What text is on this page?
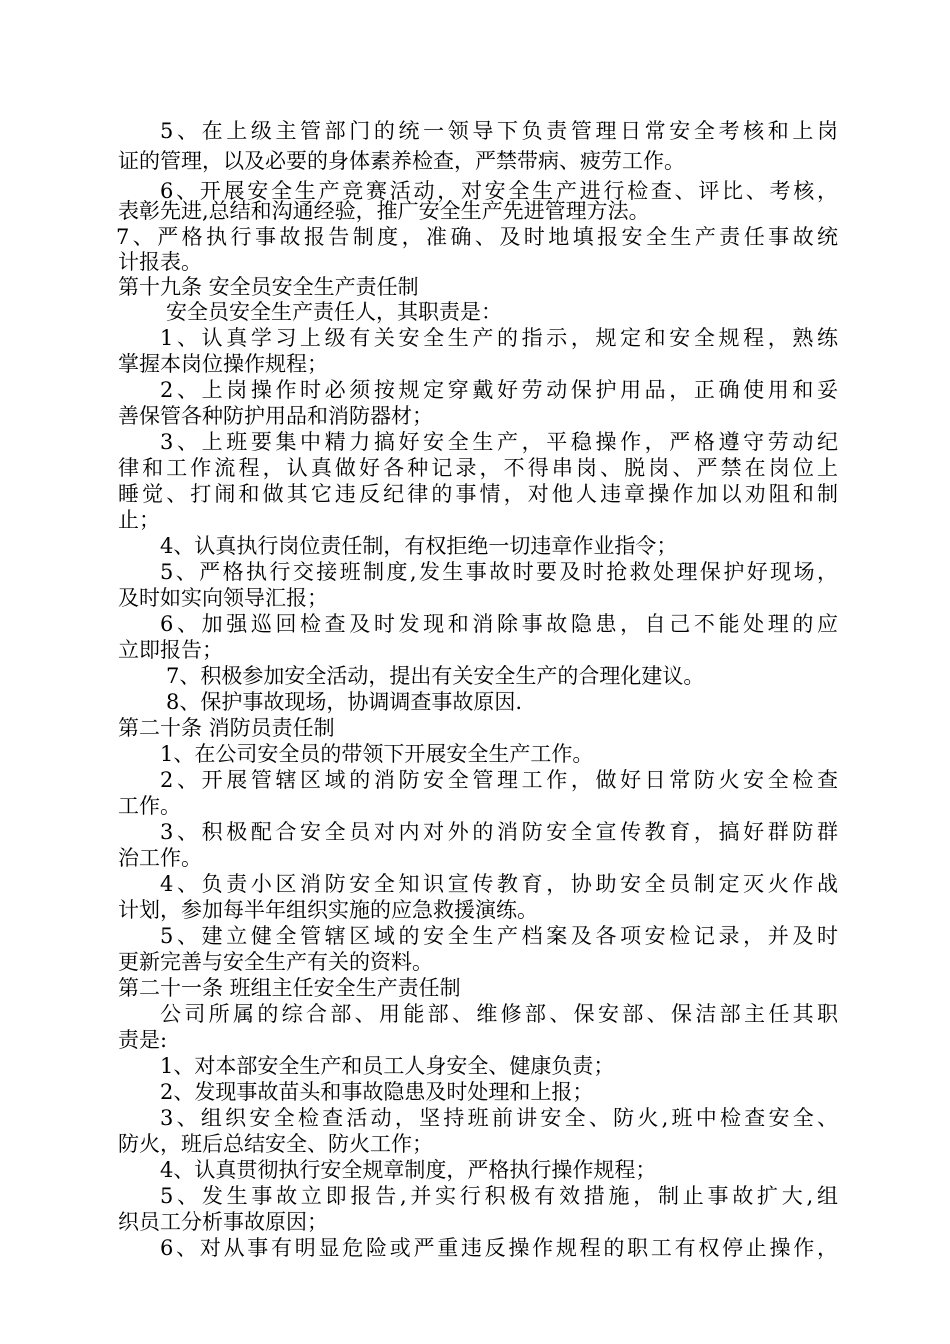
5、在上级主管部门的统一领导下负责管理日常安全考核和上岗
证的管理，以及必要的身体素养检查，严禁带病、疲劳工作。
6、开展安全生产竞赛活动，对安全生产进行检查、评比、考核，
表彰先进,总结和沟通经验，推广安全生产先进管理方法。
7、严格执行事故报告制度，准确、及时地填报安全生产责任事故统
计报表。
第十九条 安全员安全生产责任制
安全员安全生产责任人，其职责是：
1、认真学习上级有关安全生产的指示，规定和安全规程，熟练
掌握本岗位操作规程；
2、上岗操作时必须按规定穿戴好劳动保护用品，正确使用和妥
善保管各种防护用品和消防器材；
3、上班要集中精力搞好安全生产，平稳操作，严格遵守劳动纪
律和工作流程，认真做好各种记录，不得串岗、脱岗、严禁在岗位上
睡觉、打闹和做其它违反纪律的事情，对他人违章操作加以劝阻和制
止；
4、认真执行岗位责任制，有权拒绝一切违章作业指令；
5、严格执行交接班制度,发生事故时要及时抢救处理保护好现场，
及时如实向领导汇报；
6、加强巡回检查及时发现和消除事故隐患，自己不能处理的应
立即报告；
7、积极参加安全活动，提出有关安全生产的合理化建议。
8、保护事故现场，协调调查事故原因.
第二十条 消防员责任制
1、在公司安全员的带领下开展安全生产工作。
2、开展管辖区域的消防安全管理工作，做好日常防火安全检查
工作。
3、积极配合安全员对内对外的消防安全宣传教育，搞好群防群
治工作。
4、负责小区消防安全知识宣传教育，协助安全员制定灭火作战
计划，参加每半年组织实施的应急救援演练。
5、建立健全管辖区域的安全生产档案及各项安检记录，并及时
更新完善与安全生产有关的资料。
第二十一条 班组主任安全生产责任制
公司所属的综合部、用能部、维修部、保安部、保洁部主任其职
责是:
1、对本部安全生产和员工人身安全、健康负责；
2、发现事故苗头和事故隐患及时处理和上报；
3、组织安全检查活动，坚持班前讲安全、防火,班中检查安全、
防火，班后总结安全、防火工作；
4、认真贯彻执行安全规章制度，严格执行操作规程；
5、发生事故立即报告,并实行积极有效措施，制止事故扩大,组
织员工分析事故原因；
6、对从事有明显危险或严重违反操作规程的职工有权停止操作，
